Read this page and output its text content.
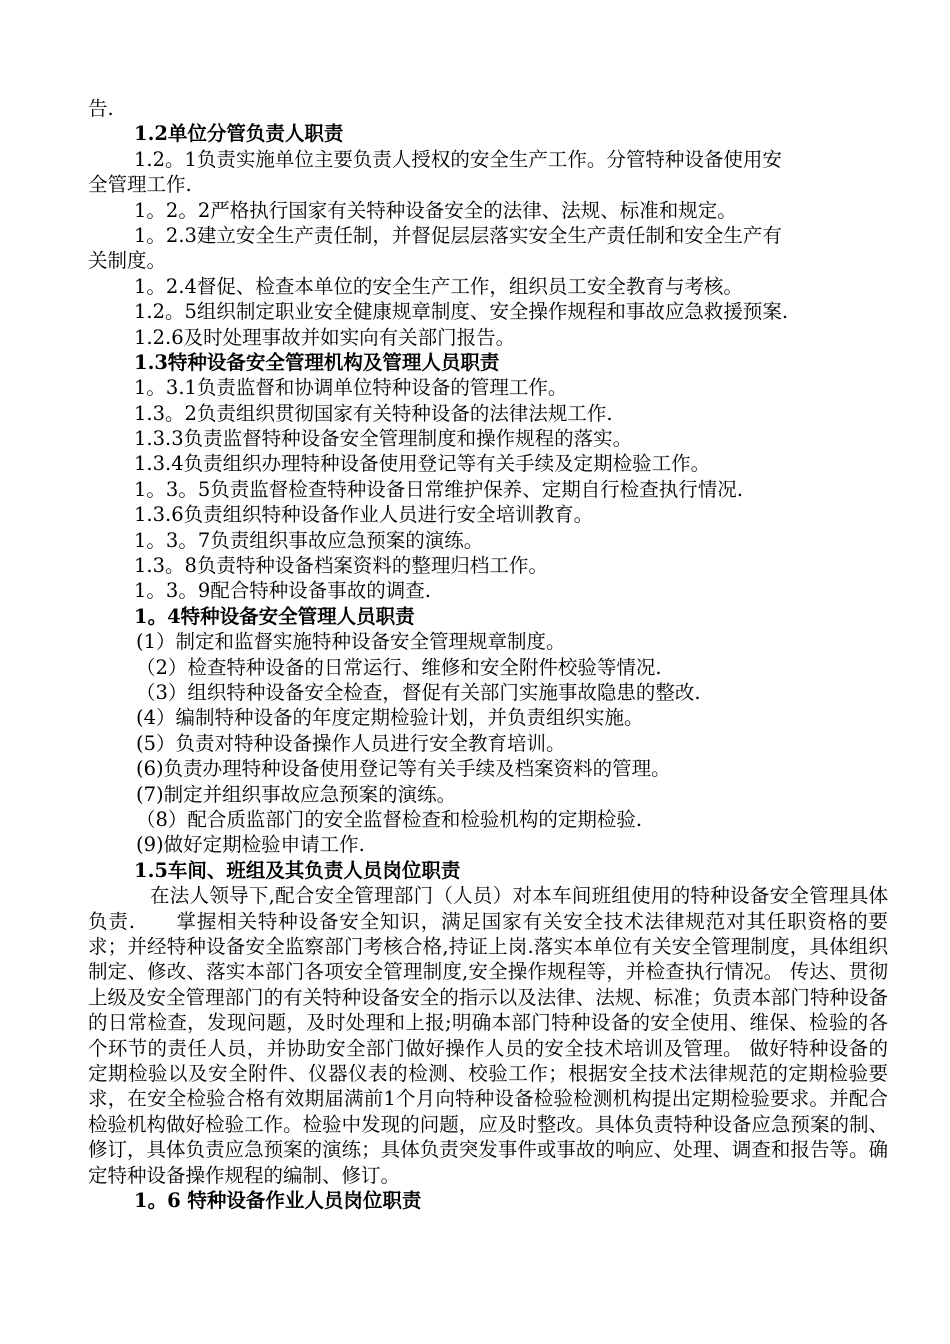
告.
1.2单位分管负责人职责
1.2。1负责实施单位主要负责人授权的安全生产工作。分管特种设备使用安
全管理工作.
1。2。2严格执行国家有关特种设备安全的法律、法规、标准和规定。
1。2.3建立安全生产责任制，并督促层层落实安全生产责任制和安全生产有
关制度。
1。2.4督促、检查本单位的安全生产工作，组织员工安全教育与考核。
1.2。5组织制定职业安全健康规章制度、安全操作规程和事故应急救援预案.
1.2.6及时处理事故并如实向有关部门报告。
1.3特种设备安全管理机构及管理人员职责
1。3.1负责监督和协调单位特种设备的管理工作。
1.3。2负责组织贯彻国家有关特种设备的法律法规工作.
1.3.3负责监督特种设备安全管理制度和操作规程的落实。
1.3.4负责组织办理特种设备使用登记等有关手续及定期检验工作。
1。3。5负责监督检查特种设备日常维护保养、定期自行检查执行情况.
1.3.6负责组织特种设备作业人员进行安全培训教育。
1。3。7负责组织事故应急预案的演练。
1.3。8负责特种设备档案资料的整理归档工作。
1。3。9配合特种设备事故的调查.
1。4特种设备安全管理人员职责
(1）制定和监督实施特种设备安全管理规章制度。
（2）检查特种设备的日常运行、维修和安全附件校验等情况.
（3）组织特种设备安全检查，督促有关部门实施事故隐患的整改.
(4）编制特种设备的年度定期检验计划，并负责组织实施。
(5）负责对特种设备操作人员进行安全教育培训。
(6)负责办理特种设备使用登记等有关手续及档案资料的管理。
(7)制定并组织事故应急预案的演练。
（8）配合质监部门的安全监督检查和检验机构的定期检验.
(9)做好定期检验申请工作.
1.5车间、班组及其负责人员岗位职责
在法人领导下,配合安全管理部门（人员）对本车间班组使用的特种设备安全管理具体负责.　　掌握相关特种设备安全知识，满足国家有关安全技术法律规范对其任职资格的要求；并经特种设备安全监察部门考核合格,持证上岗.落实本单位有关安全管理制度，具体组织制定、修改、落实本部门各项安全管理制度,安全操作规程等，并检查执行情况。 传达、贯彻上级及安全管理部门的有关特种设备安全的指示以及法律、法规、标准；负责本部门特种设备的日常检查，发现问题，及时处理和上报;明确本部门特种设备的安全使用、维保、检验的各个环节的责任人员，并协助安全部门做好操作人员的安全技术培训及管理。 做好特种设备的定期检验以及安全附件、仪器仪表的检测、校验工作；根据安全技术法律规范的定期检验要求，在安全检验合格有效期届满前1个月向特种设备检验检测机构提出定期检验要求。并配合检验机构做好检验工作。检验中发现的问题，应及时整改。具体负责特种设备应急预案的制、修订，具体负责应急预案的演练；具体负责突发事件或事故的响应、处理、调查和报告等。确定特种设备操作规程的编制、修订。
1。6 特种设备作业人员岗位职责
